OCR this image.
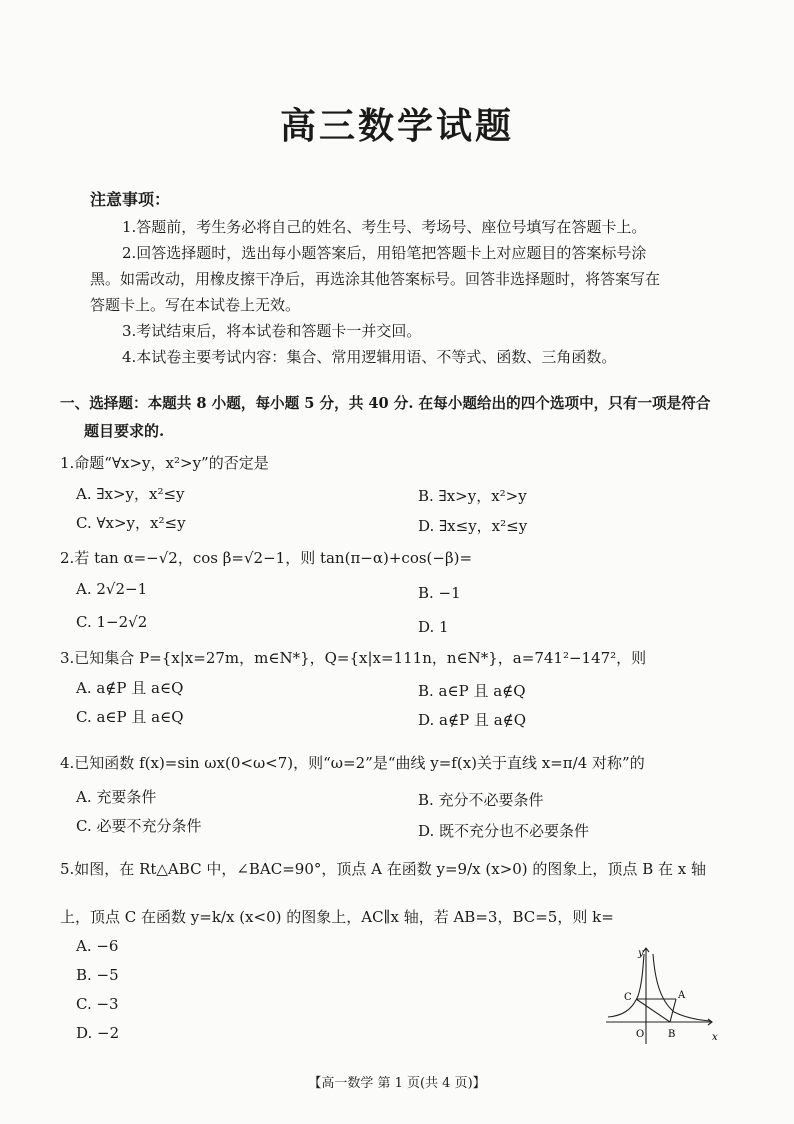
高三数学试题
注意事项：
1.答题前，考生务必将自己的姓名、考生号、考场号、座位号填写在答题卡上。
2.回答选择题时，选出每小题答案后，用铅笔把答题卡上对应题目的答案标号涂
黑。如需改动，用橡皮擦干净后，再选涂其他答案标号。回答非选择题时，将答案写在
答题卡上。写在本试卷上无效。
3.考试结束后，将本试卷和答题卡一并交回。
4.本试卷主要考试内容：集合、常用逻辑用语、不等式、函数、三角函数。
一、选择题：本题共 8 小题，每小题 5 分，共 40 分. 在每小题给出的四个选项中，只有一项是符合
题目要求的.
1.命题“∀x>y，x²>y”的否定是
A. ∃x>y，x²≤y	B. ∃x>y，x²>y
C. ∀x>y，x²≤y	D. ∃x≤y，x²≤y
2.若 tan α=−√2，cos β=√2−1，则 tan(π−α)+cos(−β)=
A. 2√2−1	B. −1
C. 1−2√2	D. 1
3.已知集合 P={x|x=27m，m∈N*}，Q={x|x=111n，n∈N*}，a=741²−147²，则
A. a∉P 且 a∈Q	B. a∈P 且 a∉Q
C. a∈P 且 a∈Q	D. a∉P 且 a∉Q
4.已知函数 f(x)=sin ωx(0<ω<7)，则“ω=2”是“曲线 y=f(x)关于直线 x=π/4 对称”的
A. 充要条件	B. 充分不必要条件
C. 必要不充分条件	D. 既不充分也不必要条件
5.如图，在 Rt△ABC 中，∠BAC=90°，顶点 A 在函数 y=9/x (x>0) 的图象上，顶点 B 在 x 轴
上，顶点 C 在函数 y=k/x (x<0) 的图象上，AC∥x 轴，若 AB=3，BC=5，则 k=
A. −6
B. −5
C. −3
D. −2
y
x
O
A
B
C
【高一数学 第 1 页(共 4 页)】
